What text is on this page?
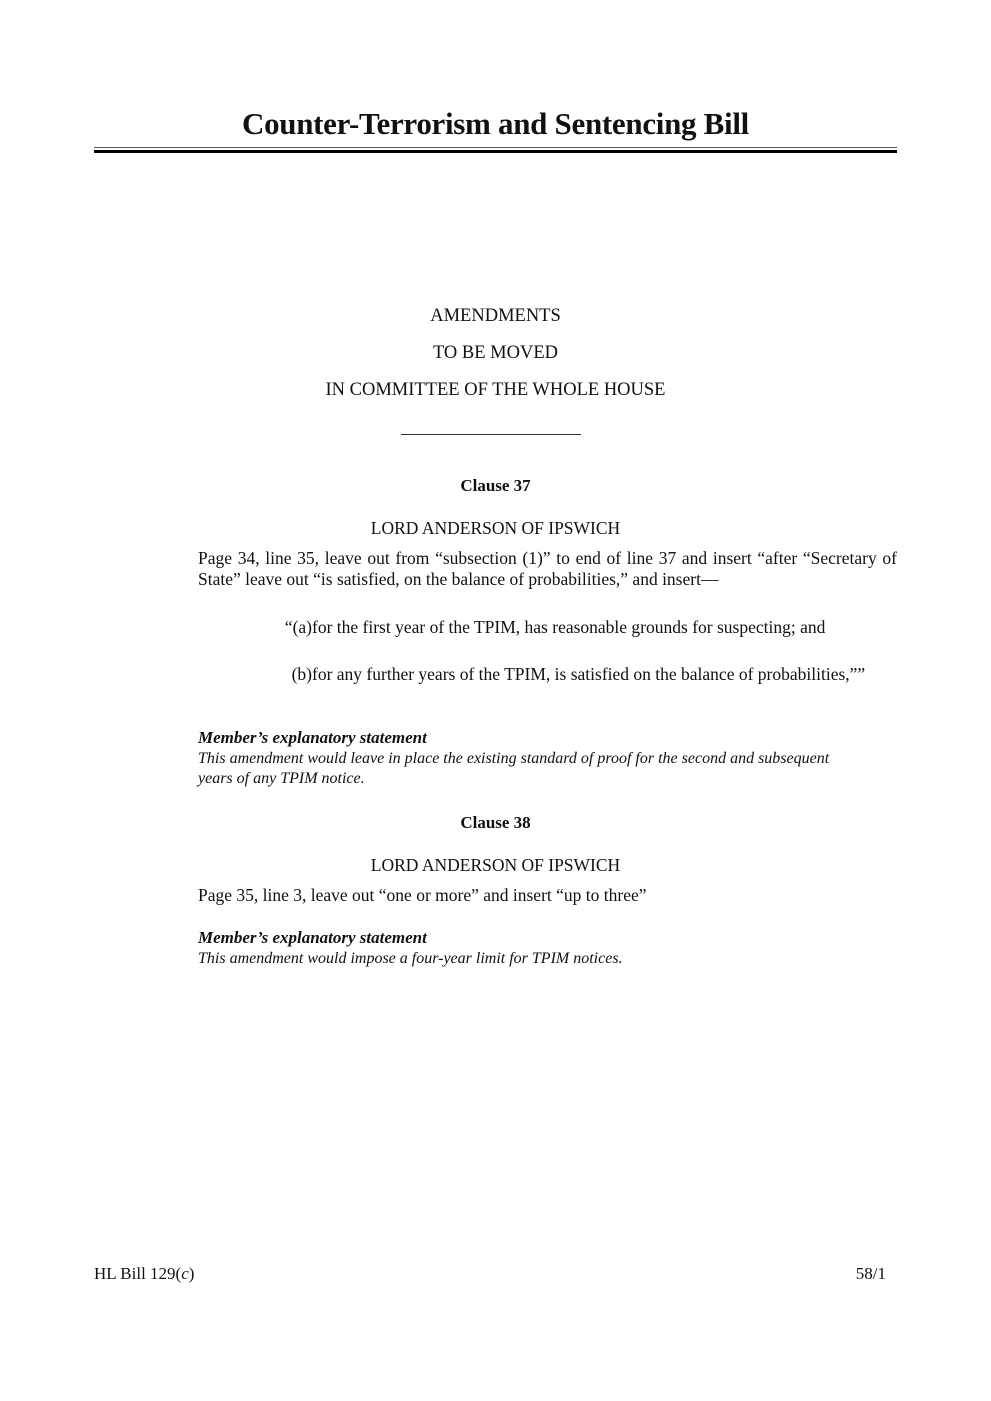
Counter-Terrorism and Sentencing Bill
AMENDMENTS
TO BE MOVED
IN COMMITTEE OF THE WHOLE HOUSE
Clause 37
LORD ANDERSON OF IPSWICH
Page 34, line 35, leave out from “subsection (1)” to end of line 37 and insert “after “Secretary of State” leave out “is satisfied, on the balance of probabilities,” and insert—
“(a) for the first year of the TPIM, has reasonable grounds for suspecting; and
(b) for any further years of the TPIM, is satisfied on the balance of probabilities,””
Member’s explanatory statement
This amendment would leave in place the existing standard of proof for the second and subsequent years of any TPIM notice.
Clause 38
LORD ANDERSON OF IPSWICH
Page 35, line 3, leave out “one or more” and insert “up to three”
Member’s explanatory statement
This amendment would impose a four-year limit for TPIM notices.
HL Bill 129(c)	58/1
